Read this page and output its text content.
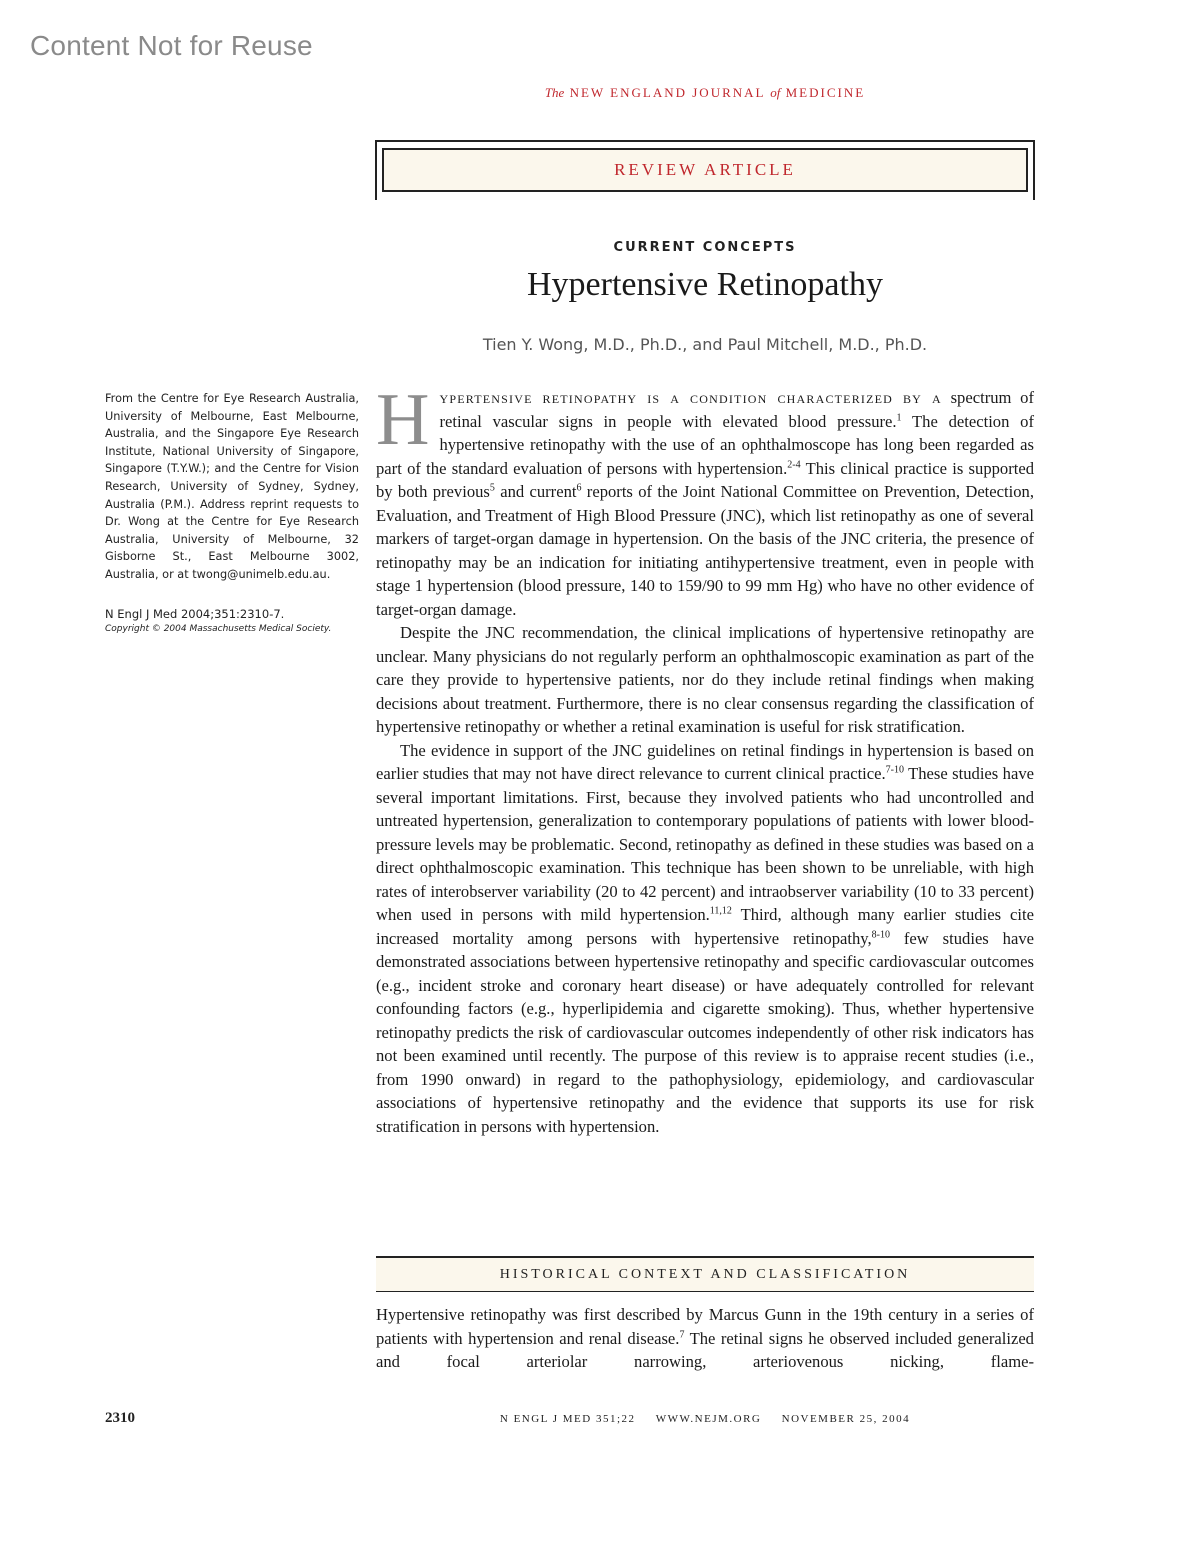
Content Not for Reuse
The NEW ENGLAND JOURNAL of MEDICINE
REVIEW ARTICLE
CURRENT CONCEPTS
Hypertensive Retinopathy
Tien Y. Wong, M.D., Ph.D., and Paul Mitchell, M.D., Ph.D.
From the Centre for Eye Research Australia, University of Melbourne, East Melbourne, Australia, and the Singapore Eye Research Institute, National University of Singapore, Singapore (T.Y.W.); and the Centre for Vision Research, University of Sydney, Sydney, Australia (P.M.). Address reprint requests to Dr. Wong at the Centre for Eye Research Australia, University of Melbourne, 32 Gisborne St., East Melbourne 3002, Australia, or at twong@unimelb.edu.au.
N Engl J Med 2004;351:2310-7.
Copyright © 2004 Massachusetts Medical Society.

Hypertensive retinopathy is a condition characterized by a spectrum of retinal vascular signs in people with elevated blood pressure.$^1$ The detection of hypertensive retinopathy with the use of an ophthalmoscope has long been regarded as part of the standard evaluation of persons with hypertension.$^{2-4}$ This clinical practice is supported by both previous$^5$ and current$^6$ reports of the Joint National Committee on Prevention, Detection, Evaluation, and Treatment of High Blood Pressure (JNC), which list retinopathy as one of several markers of target-organ damage in hypertension. On the basis of the JNC criteria, the presence of retinopathy may be an indication for initiating antihypertensive treatment, even in people with stage 1 hypertension (blood pressure, 140 to 159/90 to 99 mm Hg) who have no other evidence of target-organ damage.

Despite the JNC recommendation, the clinical implications of hypertensive retinopathy are unclear. Many physicians do not regularly perform an ophthalmoscopic examination as part of the care they provide to hypertensive patients, nor do they include retinal findings when making decisions about treatment. Furthermore, there is no clear consensus regarding the classification of hypertensive retinopathy or whether a retinal examination is useful for risk stratification.

The evidence in support of the JNC guidelines on retinal findings in hypertension is based on earlier studies that may not have direct relevance to current clinical practice.$^{7-10}$ These studies have several important limitations. First, because they involved patients who had uncontrolled and untreated hypertension, generalization to contemporary populations of patients with lower blood-pressure levels may be problematic. Second, retinopathy as defined in these studies was based on a direct ophthalmoscopic examination. This technique has been shown to be unreliable, with high rates of interobserver variability (20 to 42 percent) and intraobserver variability (10 to 33 percent) when used in persons with mild hypertension.$^{11,12}$ Third, although many earlier studies cite increased mortality among persons with hypertensive retinopathy,$^{8-10}$ few studies have demonstrated associations between hypertensive retinopathy and specific cardiovascular outcomes (e.g., incident stroke and coronary heart disease) or have adequately controlled for relevant confounding factors (e.g., hyperlipidemia and cigarette smoking). Thus, whether hypertensive retinopathy predicts the risk of cardiovascular outcomes independently of other risk indicators has not been examined until recently. The purpose of this review is to appraise recent studies (i.e., from 1990 onward) in regard to the pathophysiology, epidemiology, and cardiovascular associations of hypertensive retinopathy and the evidence that supports its use for risk stratification in persons with hypertension.

HISTORICAL CONTEXT AND CLASSIFICATION
Hypertensive retinopathy was first described by Marcus Gunn in the 19th century in a series of patients with hypertension and renal disease.$^7$ The retinal signs he observed included generalized and focal arteriolar narrowing, arteriovenous nicking, flame-
2310	N ENGL J MED 351;22 WWW.NEJM.ORG NOVEMBER 25, 2004
